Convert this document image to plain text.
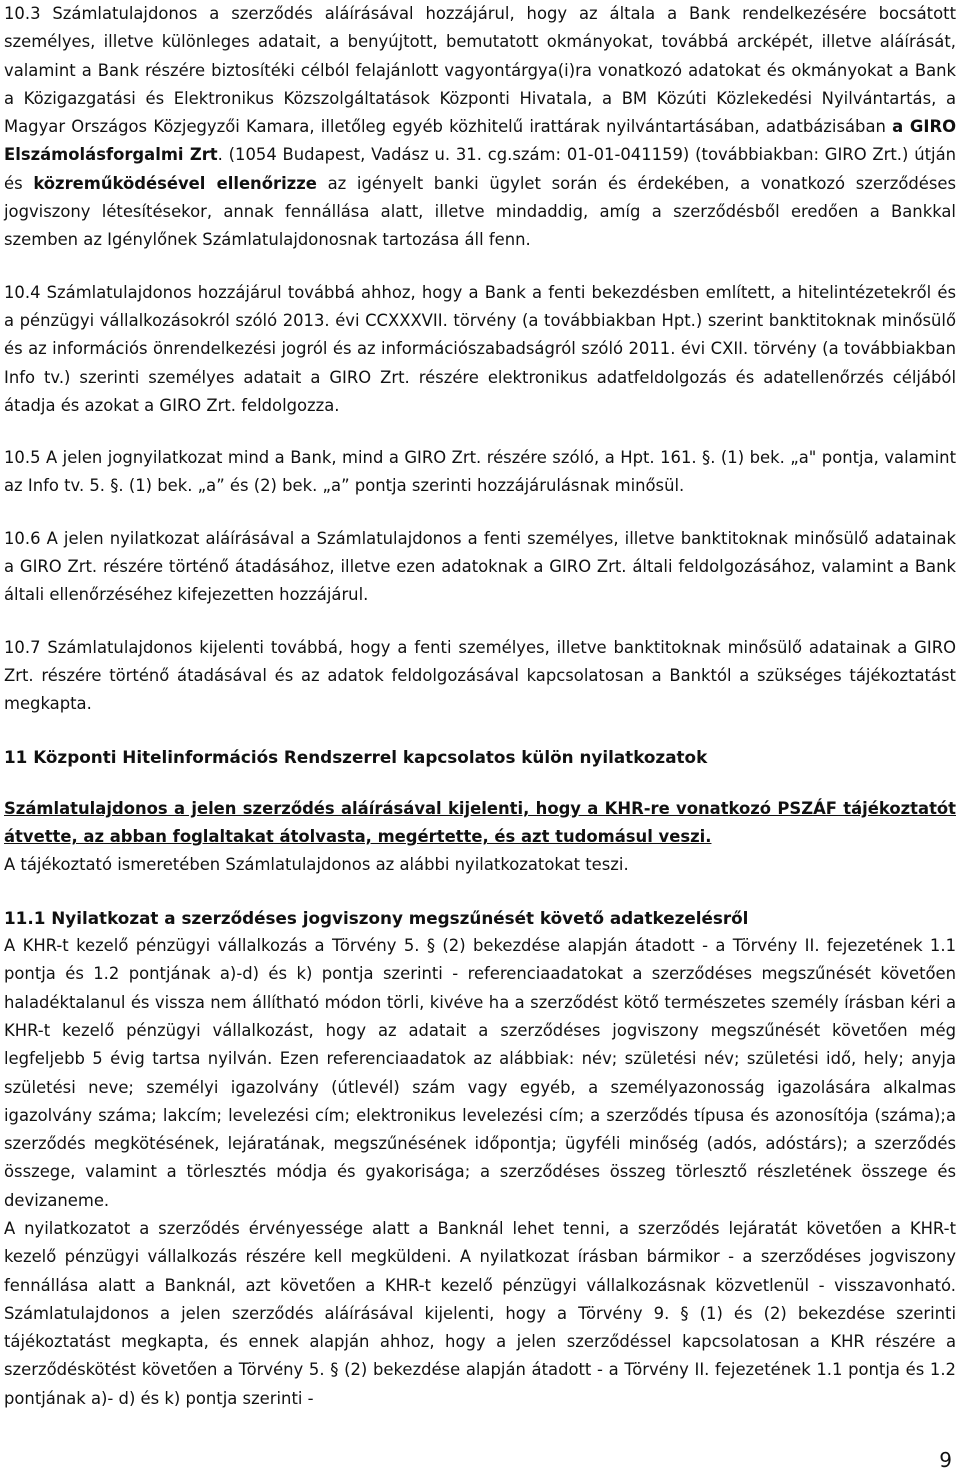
10.3 Számlatulajdonos a szerződés aláírásával hozzájárul, hogy az általa a Bank rendelkezésére bocsátott személyes, illetve különleges adatait, a benyújtott, bemutatott okmányokat, továbbá arcképét, illetve aláírását, valamint a Bank részére biztosítéki célból felajánlott vagyontárgya(i)ra vonatkozó adatokat és okmányokat a Bank a Közigazgatási és Elektronikus Közszolgáltatások Központi Hivatala, a BM Közúti Közlekedési Nyilvántartás, a Magyar Országos Közjegyzői Kamara, illetőleg egyéb közhitelű irattárak nyilvántartásában, adatbázisában a GIRO Elszámolásforgalmi Zrt. (1054 Budapest, Vadász u. 31. cg.szám: 01-01-041159) (továbbiakban: GIRO Zrt.) útján és közreműködésével ellenőrizze az igényelt banki ügylet során és érdekében, a vonatkozó szerződéses jogviszony létesítésekor, annak fennállása alatt, illetve mindaddig, amíg a szerződésből eredően a Bankkal szemben az Igénylőnek Számlatulajdonosnak tartozása áll fenn.

10.4 Számlatulajdonos hozzájárul továbbá ahhoz, hogy a Bank a fenti bekezdésben említett, a hitelintézetekről és a pénzügyi vállalkozásokról szóló 2013. évi CCXXXVII. törvény (a továbbiakban Hpt.) szerint banktitoknak minősülő és az információs önrendelkezési jogról és az információszabadságról szóló 2011. évi CXII. törvény (a továbbiakban Info tv.) szerinti személyes adatait a GIRO Zrt. részére elektronikus adatfeldolgozás és adatellenőrzés céljából átadja és azokat a GIRO Zrt. feldolgozza.

10.5 A jelen jognyilatkozat mind a Bank, mind a GIRO Zrt. részére szóló, a Hpt. 161. §. (1) bek. „a" pontja, valamint az Info tv. 5. §. (1) bek. „a” és (2) bek. „a” pontja szerinti hozzájárulásnak minősül.

10.6 A jelen nyilatkozat aláírásával a Számlatulajdonos a fenti személyes, illetve banktitoknak minősülő adatainak a GIRO Zrt. részére történő átadásához, illetve ezen adatoknak a GIRO Zrt. általi feldolgozásához, valamint a Bank általi ellenőrzéséhez kifejezetten hozzájárul.

10.7 Számlatulajdonos kijelenti továbbá, hogy a fenti személyes, illetve banktitoknak minősülő adatainak a GIRO Zrt. részére történő átadásával és az adatok feldolgozásával kapcsolatosan a Banktól a szükséges tájékoztatást megkapta.

11 Központi Hitelinformációs Rendszerrel kapcsolatos külön nyilatkozatok

Számlatulajdonos a jelen szerződés aláírásával kijelenti, hogy a KHR-re vonatkozó PSZÁF tájékoztatót átvette, az abban foglaltakat átolvasta, megértette, és azt tudomásul veszi.

A tájékoztató ismeretében Számlatulajdonos az alábbi nyilatkozatokat teszi.

11.1 Nyilatkozat a szerződéses jogviszony megszűnését követő adatkezelésről

A KHR-t kezelő pénzügyi vállalkozás a Törvény 5. § (2) bekezdése alapján átadott - a Törvény II. fejezetének 1.1 pontja és 1.2 pontjának a)-d) és k) pontja szerinti - referenciaadatokat a szerződéses megszűnését követően haladéktalanul és vissza nem állítható módon törli, kivéve ha a szerződést kötő természetes személy írásban kéri a KHR-t kezelő pénzügyi vállalkozást, hogy az adatait a szerződéses jogviszony megszűnését követően még legfeljebb 5 évig tartsa nyilván. Ezen referenciaadatok az alábbiak: név; születési név; születési idő, hely; anyja születési neve; személyi igazolvány (útlevél) szám vagy egyéb, a személyazonosság igazolására alkalmas igazolvány száma; lakcím; levelezési cím; elektronikus levelezési cím; a szerződés típusa és azonosítója (száma);a szerződés megkötésének, lejáratának, megszűnésének időpontja; ügyféli minőség (adós, adóstárs); a szerződés összege, valamint a törlesztés módja és gyakorisága; a szerződéses összeg törlesztő részletének összege és devizaneme.

A nyilatkozatot a szerződés érvényessége alatt a Banknál lehet tenni, a szerződés lejáratát követően a KHR-t kezelő pénzügyi vállalkozás részére kell megküldeni. A nyilatkozat írásban bármikor - a szerződéses jogviszony fennállása alatt a Banknál, azt követően a KHR-t kezelő pénzügyi vállalkozásnak közvetlenül - visszavonható. Számlatulajdonos a jelen szerződés aláírásával kijelenti, hogy a Törvény 9. § (1) és (2) bekezdése szerinti tájékoztatást megkapta, és ennek alapján ahhoz, hogy a jelen szerződéssel kapcsolatosan a KHR részére a szerződéskötést követően a Törvény 5. § (2) bekezdése alapján átadott - a Törvény II. fejezetének 1.1 pontja és 1.2 pontjának a)- d) és k) pontja szerinti -

9
